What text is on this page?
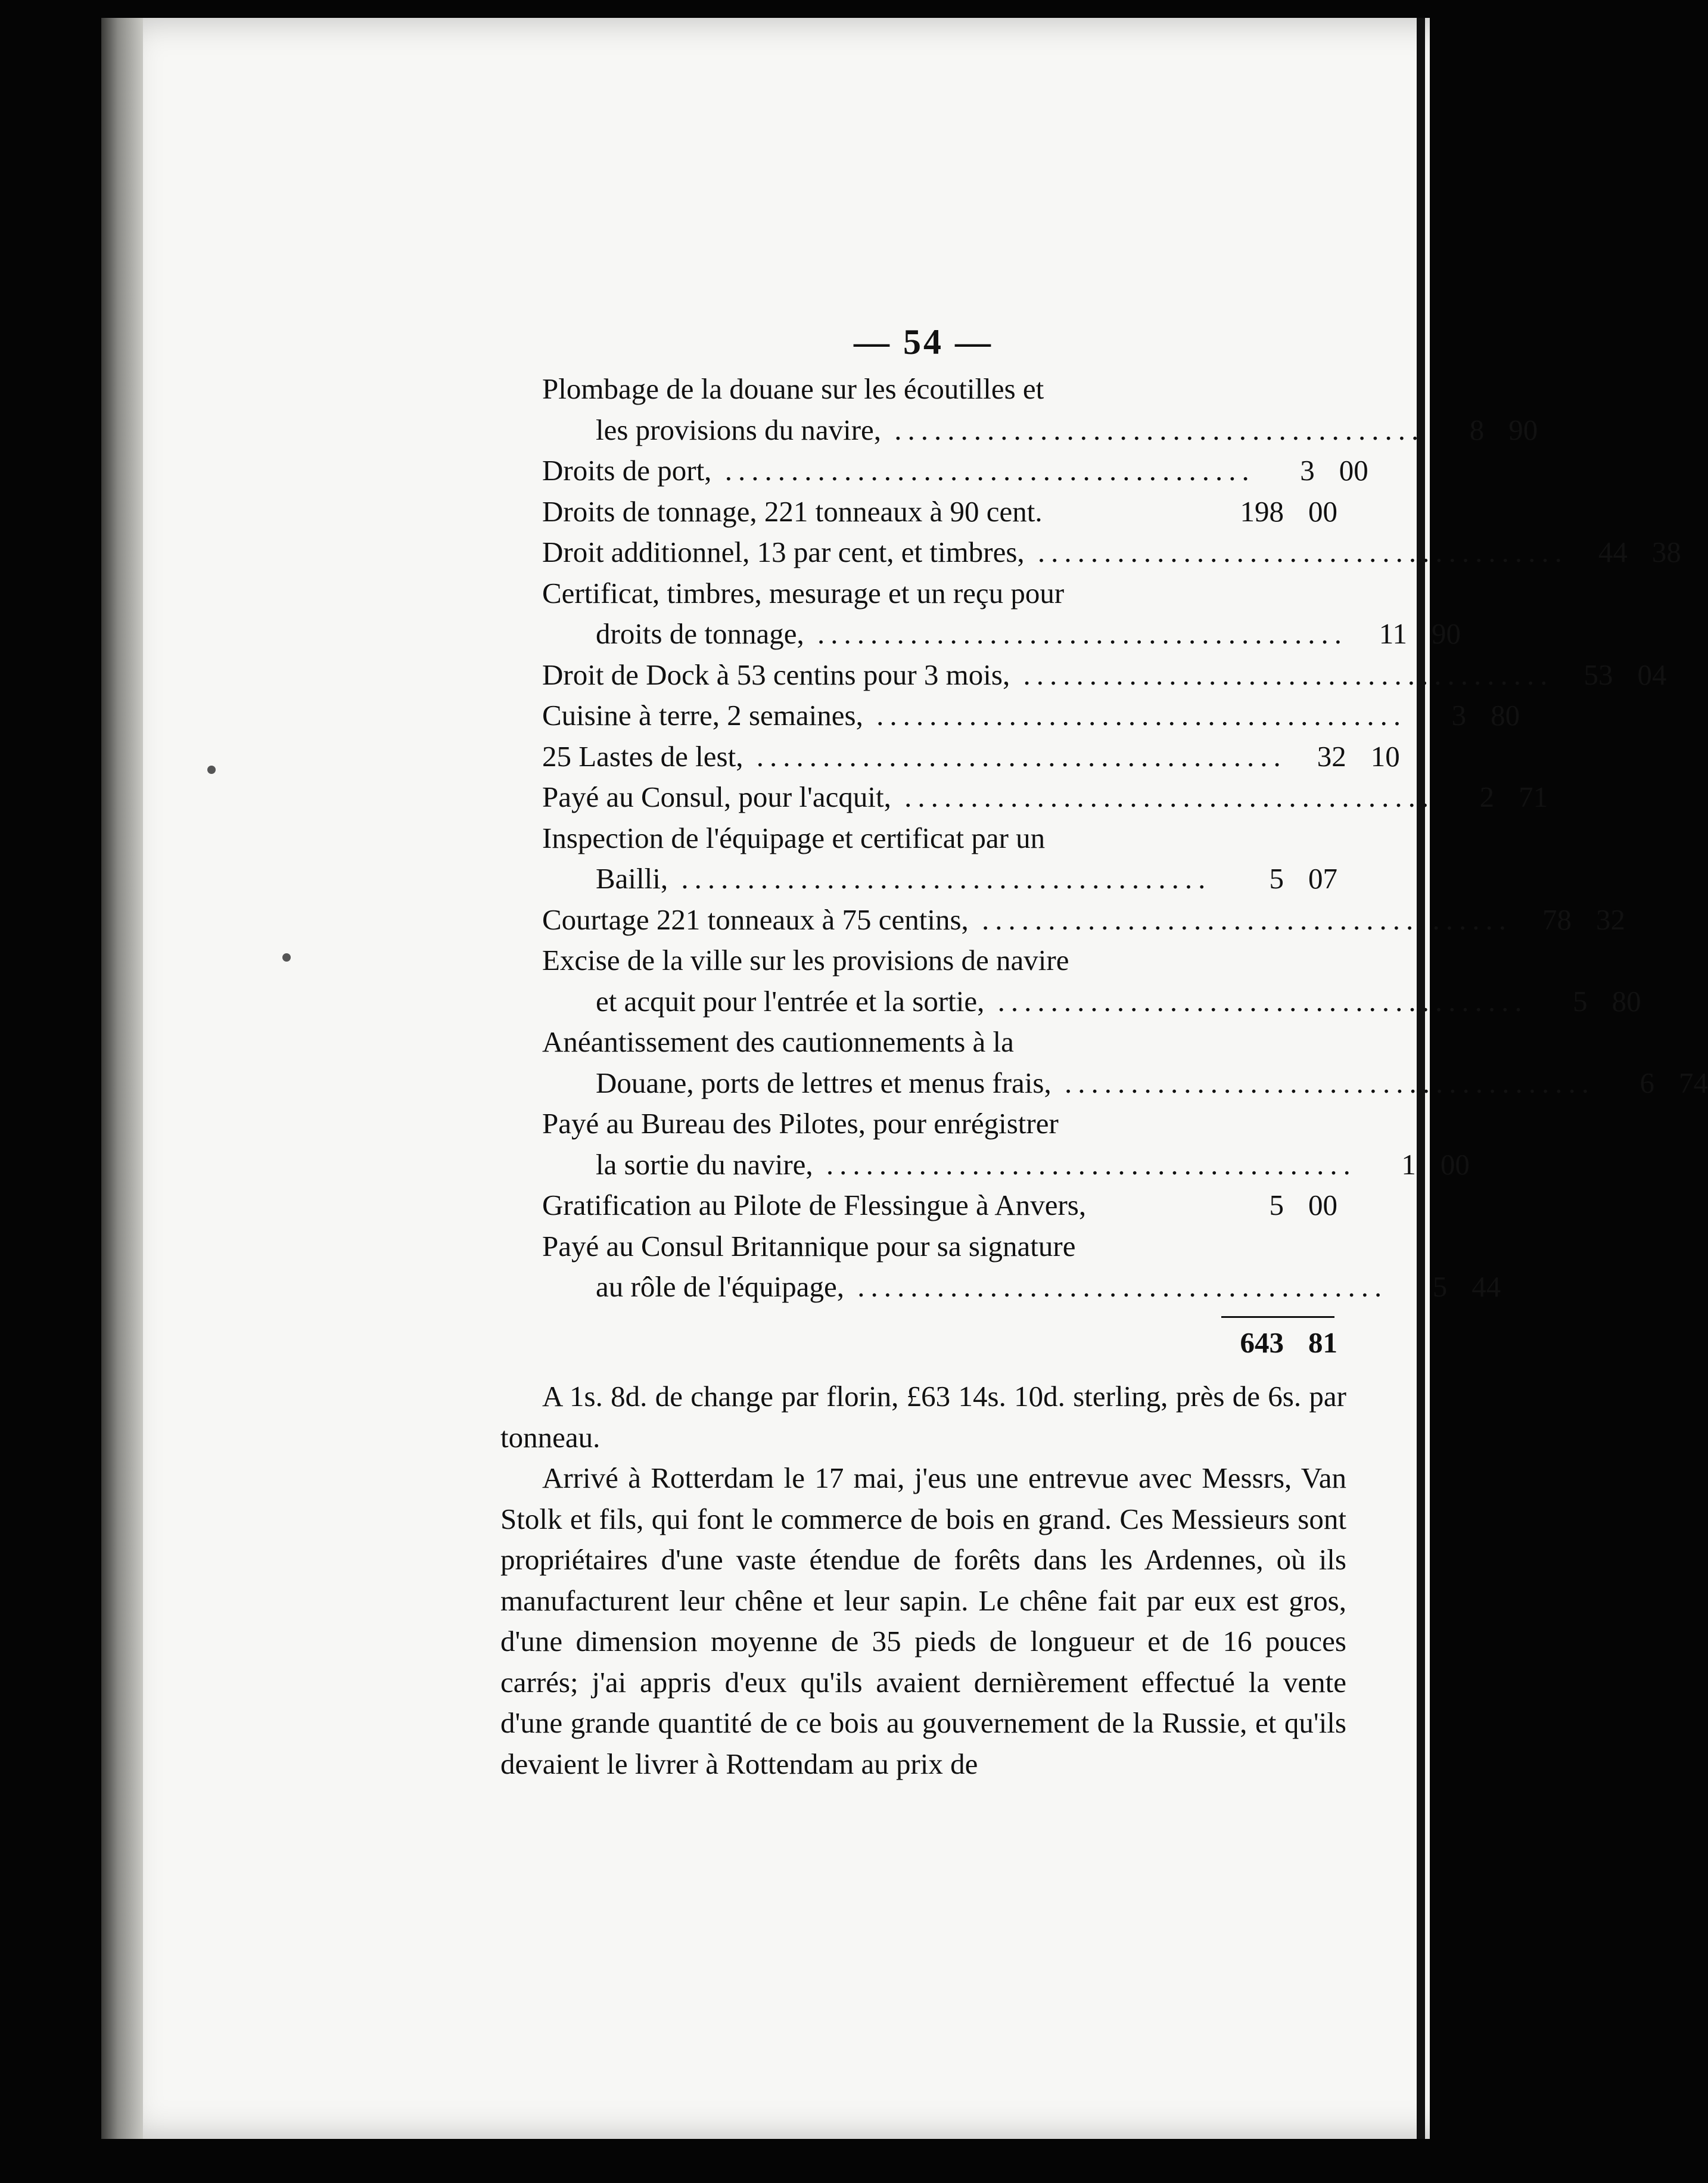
— 54 —
Plombage de la douane sur les écoutilles et
les provisions du navire, ........................................	8 90
Droits de port, ........................................	3 00
Droits de tonnage, 221 tonneaux à 90 cent.	198 00
Droit additionnel, 13 par cent, et timbres, ........................................	44 38
Certificat, timbres, mesurage et un reçu pour
droits de tonnage, ........................................	11 90
Droit de Dock à 53 centins pour 3 mois, ........................................	53 04
Cuisine à terre, 2 semaines, ........................................	3 80
25 Lastes de lest, ........................................	32 10
Payé au Consul, pour l'acquit, ........................................	2 71
Inspection de l'équipage et certificat par un
Bailli, ........................................	5 07
Courtage 221 tonneaux à 75 centins, ........................................	78 32
Excise de la ville sur les provisions de navire
et acquit pour l'entrée et la sortie, ........................................	5 80
Anéantissement des cautionnements à la
Douane, ports de lettres et menus frais, ........................................	6 74
Payé au Bureau des Pilotes, pour enrégistrer
la sortie du navire, ........................................	1 00
Gratification au Pilote de Flessingue à Anvers,	5 00
Payé au Consul Britannique pour sa signature
au rôle de l'équipage, ........................................	5 44
643 81

A 1s. 8d. de change par florin, £63 14s. 10d. sterling, près de 6s. par tonneau.

Arrivé à Rotterdam le 17 mai, j'eus une entrevue avec Messrs, Van Stolk et fils, qui font le commerce de bois en grand. Ces Messieurs sont propriétaires d'une vaste étendue de forêts dans les Ardennes, où ils manufacturent leur chêne et leur sapin. Le chêne fait par eux est gros, d'une dimension moyenne de 35 pieds de longueur et de 16 pouces carrés; j'ai appris d'eux qu'ils avaient dernièrement effectué la vente d'une grande quantité de ce bois au gouvernement de la Russie, et qu'ils devaient le livrer à Rottendam au prix de
